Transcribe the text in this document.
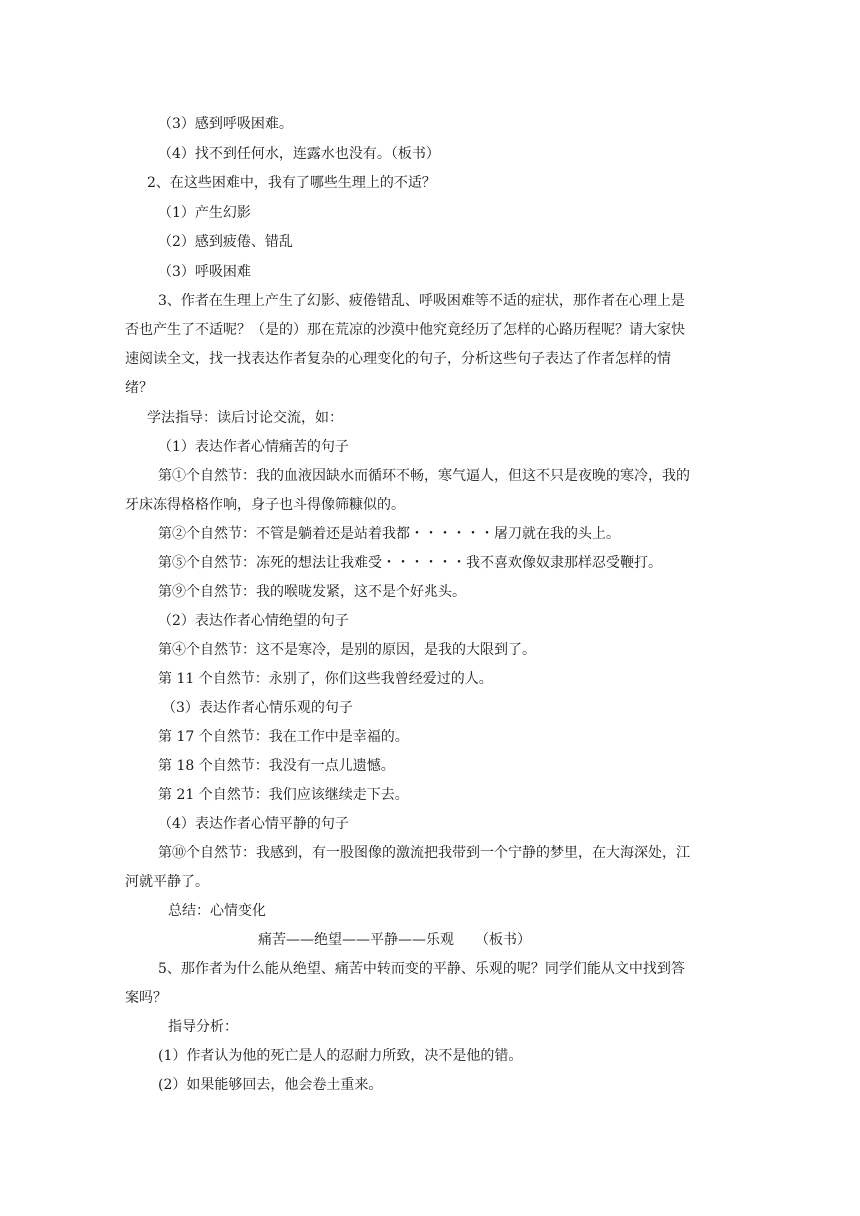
（3）感到呼吸困难。
（4）找不到任何水，连露水也没有。（板书）
2、在这些困难中，我有了哪些生理上的不适？
（1）产生幻影
（2）感到疲倦、错乱
（3）呼吸困难
3、作者在生理上产生了幻影、疲倦错乱、呼吸困难等不适的症状，那作者在心理上是
否也产生了不适呢？（是的）那在荒凉的沙漠中他究竟经历了怎样的心路历程呢？请大家快
速阅读全文，找一找表达作者复杂的心理变化的句子，分析这些句子表达了作者怎样的情
绪？
学法指导：读后讨论交流，如：
（1）表达作者心情痛苦的句子
第①个自然节：我的血液因缺水而循环不畅，寒气逼人，但这不只是夜晚的寒冷，我的
牙床冻得格格作响，身子也斗得像筛糠似的。
第②个自然节：不管是躺着还是站着我都・・・・・・屠刀就在我的头上。
第⑤个自然节：冻死的想法让我难受・・・・・・我不喜欢像奴隶那样忍受鞭打。
第⑨个自然节：我的喉咙发紧，这不是个好兆头。
（2）表达作者心情绝望的句子
第④个自然节：这不是寒冷，是别的原因，是我的大限到了。
第 11 个自然节：永别了，你们这些我曾经爱过的人。
（3）表达作者心情乐观的句子
第 17 个自然节：我在工作中是幸福的。
第 18 个自然节：我没有一点儿遗憾。
第 21 个自然节：我们应该继续走下去。
（4）表达作者心情平静的句子
第⑩个自然节：我感到，有一股图像的激流把我带到一个宁静的梦里，在大海深处，江
河就平静了。
总结：心情变化
痛苦——绝望——平静——乐观　　（板书）
5、那作者为什么能从绝望、痛苦中转而变的平静、乐观的呢？同学们能从文中找到答
案吗？
指导分析：
(1）作者认为他的死亡是人的忍耐力所致，决不是他的错。
(2）如果能够回去，他会卷土重来。
